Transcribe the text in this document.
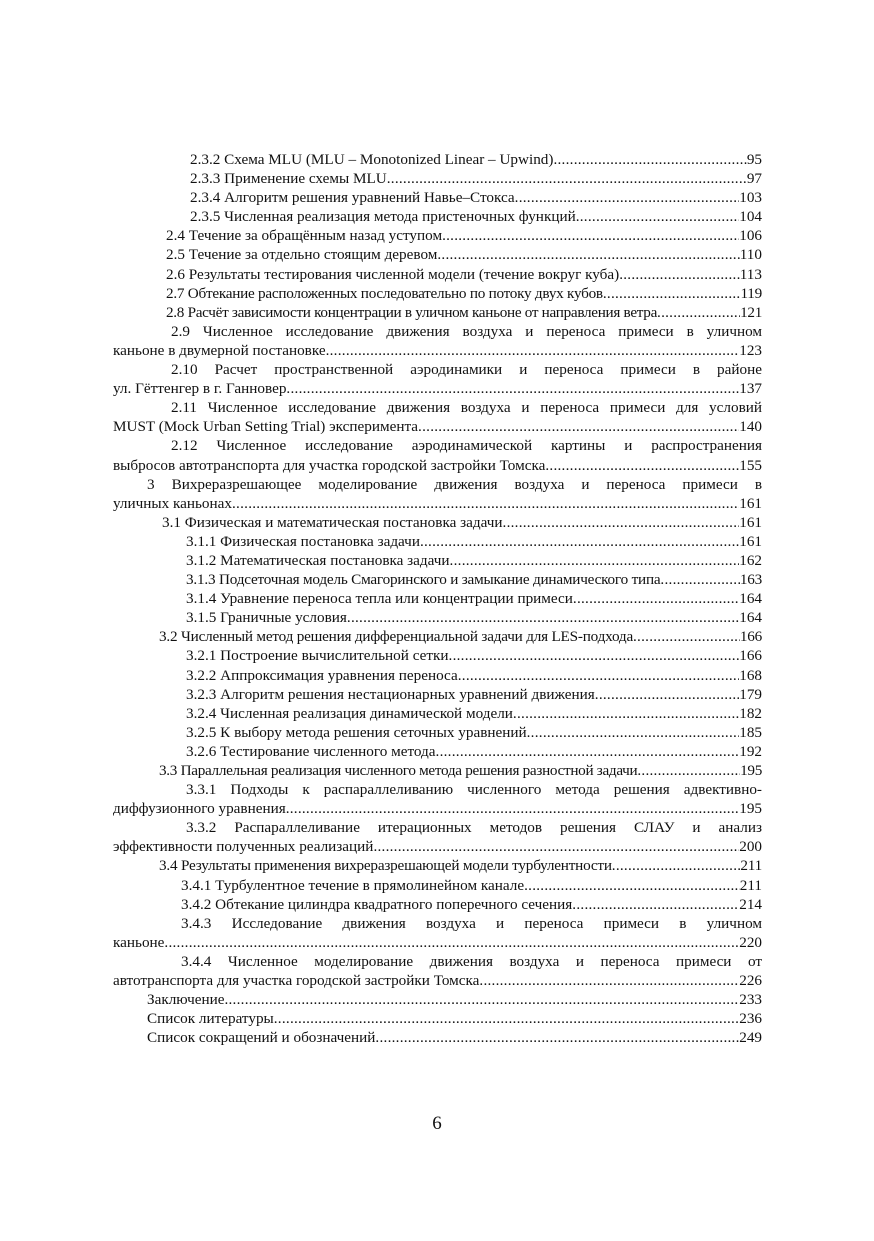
2.3.2 Схема MLU (MLU – Monotonized Linear – Upwind) .....	95
2.3.3 Применение схемы MLU .....	97
2.3.4 Алгоритм решения уравнений Навье–Стокса .....	103
2.3.5 Численная реализация метода пристеночных функций .....	104
2.4 Течение за обращённым назад уступом .....	106
2.5 Течение за отдельно стоящим деревом .....	110
2.6 Результаты тестирования численной модели (течение вокруг куба) .....	113
2.7 Обтекание расположенных последовательно по потоку двух кубов .....	119
2.8 Расчёт зависимости концентрации в уличном каньоне от направления ветра .....	121
2.9 Численное исследование движения воздуха и переноса примеси в уличном
каньоне в двумерной постановке .....	123
2.10 Расчет пространственной аэродинамики и переноса примеси в районе
ул. Гёттенгер в г. Ганновер .....	137
2.11 Численное исследование движения воздуха и переноса примеси для условий
MUST (Mock Urban Setting Trial) эксперимента .....	140
2.12 Численное исследование аэродинамической картины и распространения
выбросов автотранспорта для участка городской застройки Томска .....	155
3 Вихреразрешающее моделирование движения воздуха и переноса примеси в
уличных каньонах .....	161
3.1 Физическая и математическая постановка задачи .....	161
3.1.1 Физическая постановка задачи .....	161
3.1.2 Математическая постановка задачи .....	162
3.1.3 Подсеточная модель Смагоринского и замыкание динамического типа .....	163
3.1.4 Уравнение переноса тепла или концентрации примеси .....	164
3.1.5 Граничные условия .....	164
3.2 Численный метод решения дифференциальной задачи для LES-подхода .....	166
3.2.1 Построение вычислительной сетки .....	166
3.2.2 Аппроксимация уравнения переноса .....	168
3.2.3 Алгоритм решения нестационарных уравнений движения .....	179
3.2.4 Численная реализация динамической модели .....	182
3.2.5 К выбору метода решения сеточных уравнений .....	185
3.2.6 Тестирование численного метода .....	192
3.3 Параллельная реализация численного метода решения разностной задачи .....	195
3.3.1 Подходы к распараллеливанию численного метода решения адвективно-
диффузионного уравнения .....	195
3.3.2 Распараллеливание итерационных методов решения СЛАУ и анализ
эффективности полученных реализаций .....	200
3.4 Результаты применения вихреразрешающей модели турбулентности .....	211
3.4.1 Турбулентное течение в прямолинейном канале .....	211
3.4.2 Обтекание цилиндра квадратного поперечного сечения .....	214
3.4.3 Исследование движения воздуха и переноса примеси в уличном
каньоне .....	220
3.4.4 Численное моделирование движения воздуха и переноса примеси от
автотранспорта для участка городской застройки Томска .....	226
Заключение .....	233
Список литературы .....	236
Список сокращений и обозначений .....	249
6
